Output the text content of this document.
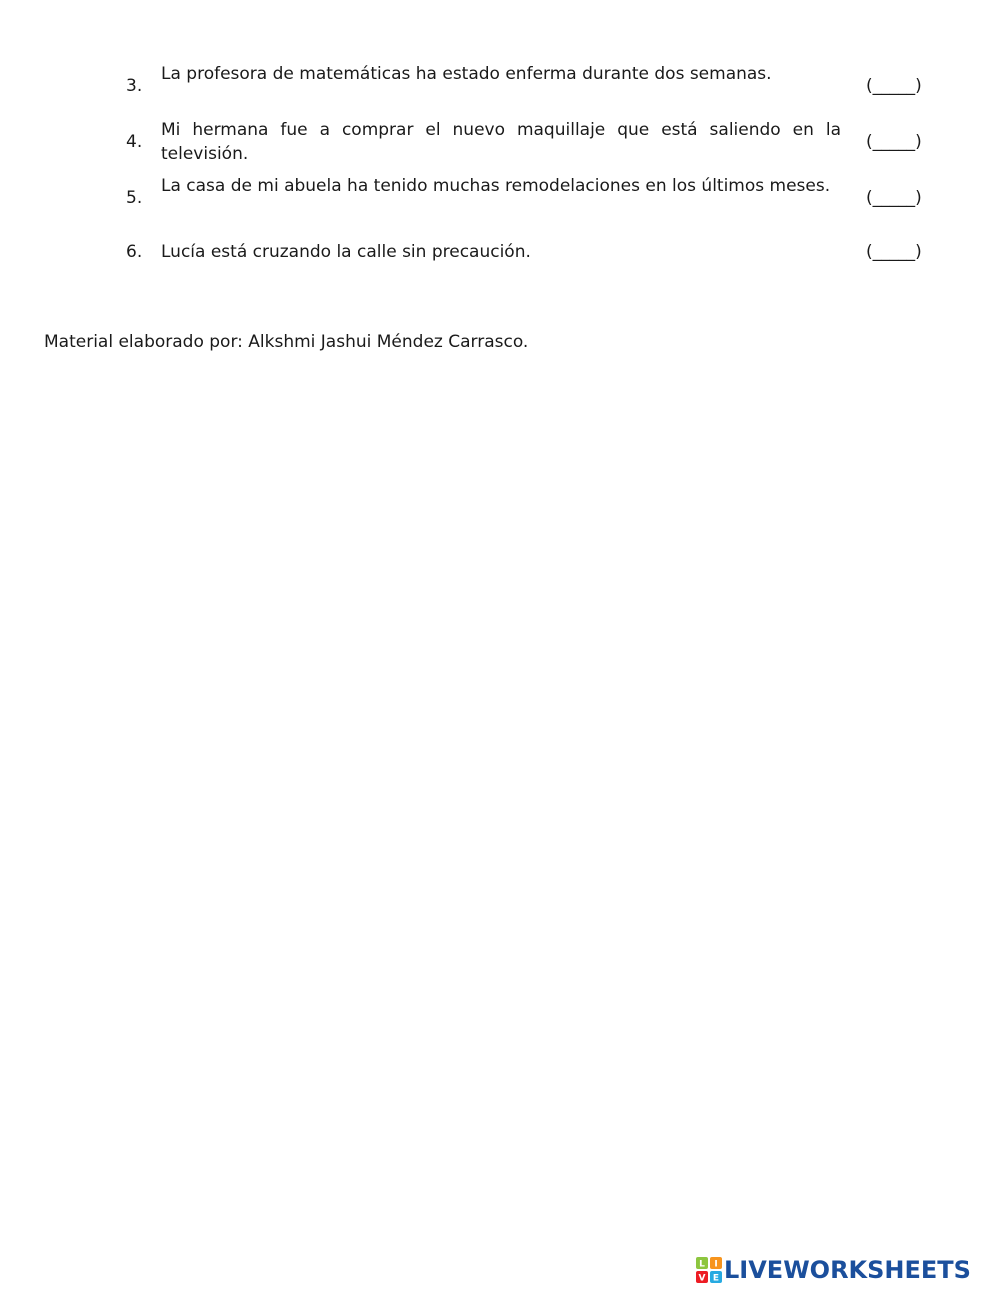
3.
La profesora de matemáticas ha estado enferma durante dos semanas.
(_____)
4.
Mi hermana fue a comprar el nuevo maquillaje que está saliendo en la televisión.
(_____)
5.
La casa de mi abuela ha tenido muchas remodelaciones en los últimos meses.
(_____)
6. Lucía está cruzando la calle sin precaución.	(_____)
Material elaborado por: Alkshmi Jashui Méndez Carrasco.
L I
V E LIVEWORKSHEETS
